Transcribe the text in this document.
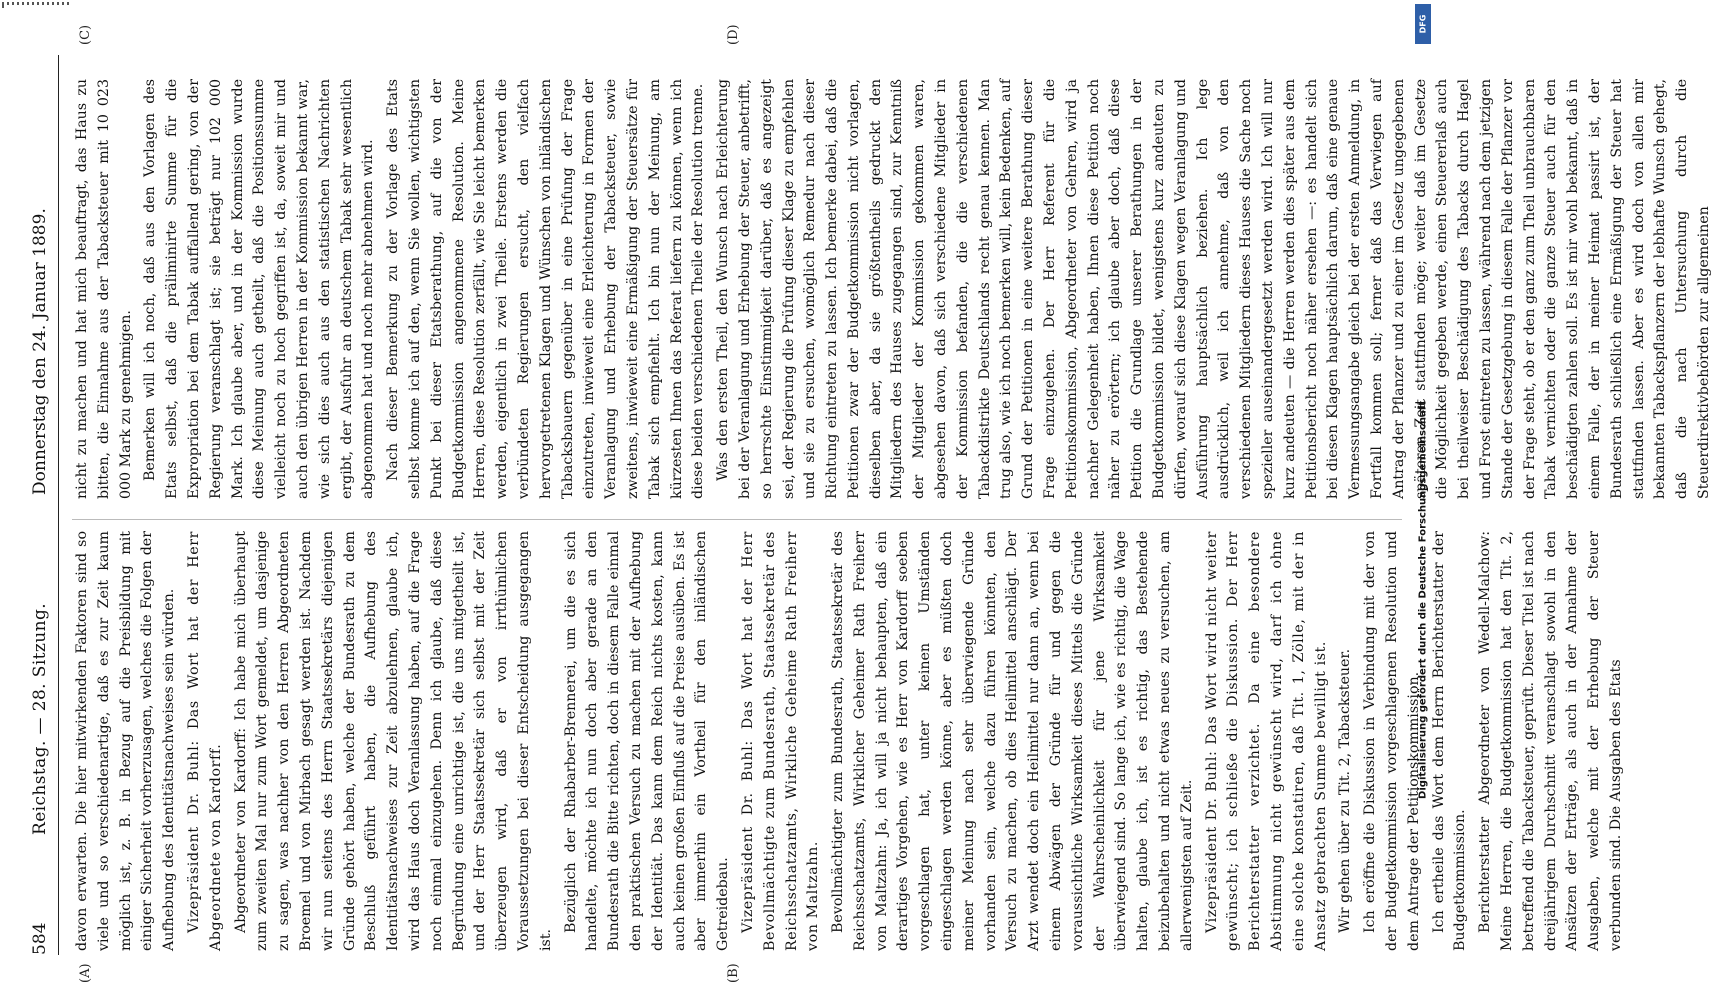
584
Reichstag. — 28. Sitzung.
Donnerstag den 24. Januar 1889.
(A)	(B)
(C)	(D)

davon erwarten. Die hier mitwirkenden Faktoren sind so viele und so verschiedenartige, daß es zur Zeit kaum möglich ist, z. B. in Bezug auf die Preisbildung mit einiger Sicherheit vorherzusagen, welches die Folgen der Aufhebung des Identitätsnachweises sein würden. Vizepräsident Dr. Buhl: Das Wort hat der Herr Abgeordnete von Kardorff. Abgeordneter von Kardorff: Ich habe mich überhaupt zum zweiten Mal nur zum Wort gemeldet, um dasjenige zu sagen, was nachher von den Herren Abgeordneten Broemel und von Mirbach gesagt werden ist. Nachdem wir nun seitens des Herrn Staatssekretärs diejenigen Gründe gehört haben, welche der Bundesrath zu dem Beschluß geführt haben, die Aufhebung des Identitätsnachweises zur Zeit abzulehnen, glaube ich, wird das Haus doch Veranlassung haben, auf die Frage noch einmal einzugehen. Denn ich glaube, daß diese Begründung eine unrichtige ist, die uns mitgetheilt ist, und der Herr Staatssekretär sich selbst mit der Zeit überzeugen wird, daß er von irrthümlichen Voraussetzungen bei dieser Entscheidung ausgegangen ist.

Bezüglich der Rhabarber-Brennerei, um die es sich handelte, möchte ich nun doch aber gerade an den Bundesrath die Bitte richten, doch in diesem Falle einmal den praktischen Versuch zu machen mit der Aufhebung der Identität. Das kann dem Reich nichts kosten, kann auch keinen großen Einfluß auf die Preise ausüben. Es ist aber immerhin ein Vortheil für den inländischen Getreidebau. Vizepräsident Dr. Buhl: Das Wort hat der Herr Bevollmächtigte zum Bundesrath, Staatssekretär des Reichsschatzamts, Wirkliche Geheime Rath Freiherr von Maltzahn. Bevollmächtigter zum Bundesrath, Staatssekretär des Reichsschatzamts, Wirklicher Geheimer Rath Freiherr von Maltzahn: Ja, ich will ja nicht behaupten, daß ein derartiges Vorgehen, wie es Herr von Kardorff soeben vorgeschlagen hat, unter keinen Umständen eingeschlagen werden könne, aber es müßten doch meiner Meinung nach sehr überwiegende Gründe vorhanden sein, welche dazu führen könnten, den Versuch zu machen, ob dies Heilmittel anschlägt. Der Arzt wendet doch ein Heilmittel nur dann an, wenn bei einem Abwägen der Gründe für und gegen die voraussichtliche Wirksamkeit dieses Mittels die Gründe der Wahrscheinlichkeit für jene Wirksamkeit überwiegend sind. So lange ich, wie es richtig, die Wage halten, glaube ich, ist es richtig, das Bestehende beizubehalten und nicht etwas neues zu versuchen, am allerwenigsten auf Zeit. Vizepräsident Dr. Buhl: Das Wort wird nicht weiter gewünscht; ich schließe die Diskussion. Der Herr Berichterstatter verzichtet. Da eine besondere Abstimmung nicht gewünscht wird, darf ich ohne eine solche konstatiren, daß Tit. 1, Zölle, mit der in Ansatz gebrachten Summe bewilligt ist. Wir gehen über zu Tit. 2, Tabacksteuer. Ich eröffne die Diskussion in Verbindung mit der von der Budgetkommission vorgeschlagenen Resolution und dem Antrage der Petitionskommission. Ich ertheile das Wort dem Herrn Berichterstatter der Budgetkommission. Berichterstatter Abgeordneter von Wedell-Malchow: Meine Herren, die Budgetkommission hat den Tit. 2, betreffend die Tabacksteuer, geprüft. Dieser Titel ist nach dreijährigem Durchschnitt veranschlagt sowohl in den Ansätzen der Erträge, als auch in der Annahme der Ausgaben, welche mit der Erhebung der Steuer verbunden sind. Die Ausgaben des Etats

nicht zu machen und hat mich beauftragt, das Haus zu bitten, die Einnahme aus der Tabacksteuer mit 10 023 000 Mark zu genehmigen. Bemerken will ich noch, daß aus den Vorlagen des Etats selbst, daß die präliminirte Summe für die Expropriation bei dem Tabak auffallend gering, von der Regierung veranschlagt ist; sie beträgt nur 102 000 Mark. Ich glaube aber, und in der Kommission wurde diese Meinung auch getheilt, daß die Positionssumme vielleicht noch zu hoch gegriffen ist, da, soweit mir und auch den übrigen Herren in der Kommission bekannt war, wie sich dies auch aus den statistischen Nachrichten ergibt, der Ausfuhr an deutschem Tabak sehr wesentlich abgenommen hat und noch mehr abnehmen wird. Nach dieser Bemerkung zu der Vorlage des Etats selbst komme ich auf den, wenn Sie wollen, wichtigsten Punkt bei dieser Etatsberathung, auf die von der Budgetkommission angenommene Resolution. Meine Herren, diese Resolution zerfällt, wie Sie leicht bemerken werden, eigentlich in zwei Theile. Erstens werden die verbündeten Regierungen ersucht, den vielfach hervorgetretenen Klagen und Wünschen von inländischen Tabacksbauern gegenüber in eine Prüfung der Frage einzutreten, inwieweit eine Erleichterung in Formen der Veranlagung und Erhebung der Tabacksteuer, sowie zweitens, inwieweit eine Ermäßigung der Steuersätze für Tabak sich empfiehlt. Ich bin nun der Meinung, am kürzesten Ihnen das Referat liefern zu können, wenn ich diese beiden verschiedenen Theile der Resolution trenne. Was den ersten Theil, den Wunsch nach Erleichterung bei der Veranlagung und Erhebung der Steuer, anbetrifft, so herrschte Einstimmigkeit darüber, daß es angezeigt sei, der Regierung die Prüfung dieser Klage zu empfehlen und sie zu ersuchen, womöglich Remedur nach dieser Richtung eintreten zu lassen. Ich bemerke dabei, daß die Petitionen zwar der Budgetkommission nicht vorlagen, dieselben aber, da sie größtentheils gedruckt den Mitgliedern des Hauses zugegangen sind, zur Kenntniß der Mitglieder der Kommission gekommen waren, abgesehen davon, daß sich verschiedene Mitglieder in der Kommission befanden, die die verschiedenen Tabackdistrikte Deutschlands recht genau kennen. Man trug also, wie ich noch bemerken will, kein Bedenken, auf Grund der Petitionen in eine weitere Berathung dieser Frage einzugehen. Der Herr Referent für die Petitionskommission, Abgeordneter von Gehren, wird ja nachher Gelegenheit haben, Ihnen diese Petition noch näher zu erörtern; ich glaube aber doch, daß diese Petition die Grundlage unserer Berathungen in der Budgetkommission bildet, wenigstens kurz andeuten zu dürfen, worauf sich diese Klagen wegen Veranlagung und Ausführung hauptsächlich beziehen. Ich lege ausdrücklich, weil ich annehme, daß von den verschiedenen Mitgliedern dieses Hauses die Sache noch spezieller auseinandergesetzt werden wird. Ich will nur kurz andeuten — die Herren werden dies später aus dem Petitionsbericht noch näher ersehen —: es handelt sich bei diesen Klagen hauptsächlich darum, daß eine genaue Vermessungsangabe gleich bei der ersten Anmeldung, in Fortfall kommen soll; ferner daß das Verwiegen auf Antrag der Pflanzer und zu einer im Gesetz ungegebenen späteren Zeit stattfinden möge; weiter daß im Gesetze die Möglichkeit gegeben werde, einen Steuererlaß auch bei theilweiser Beschädigung des Tabacks durch Hagel und Frost eintreten zu lassen, während nach dem jetzigen Stande der Gesetzgebung in diesem Falle der Pflanzer vor der Frage steht, ob er den ganz zum Theil unbrauchbaren Tabak vernichten oder die ganze Steuer auch für den beschädigten zahlen soll. Es ist mir wohl bekannt, daß in einem Falle, der in meiner Heimat passirt ist, der Bundesrath schließlich eine Ermäßigung der Steuer hat stattfinden lassen. Aber es wird doch von allen mir bekannten Tabackspflanzern der lebhafte Wunsch gehegt, daß die nach Untersuchung durch die Steuerdirektivbehörden zur allgemeinen

DFG
Digitalisierung gefördert durch die Deutsche Forschungsgemeinschaft
